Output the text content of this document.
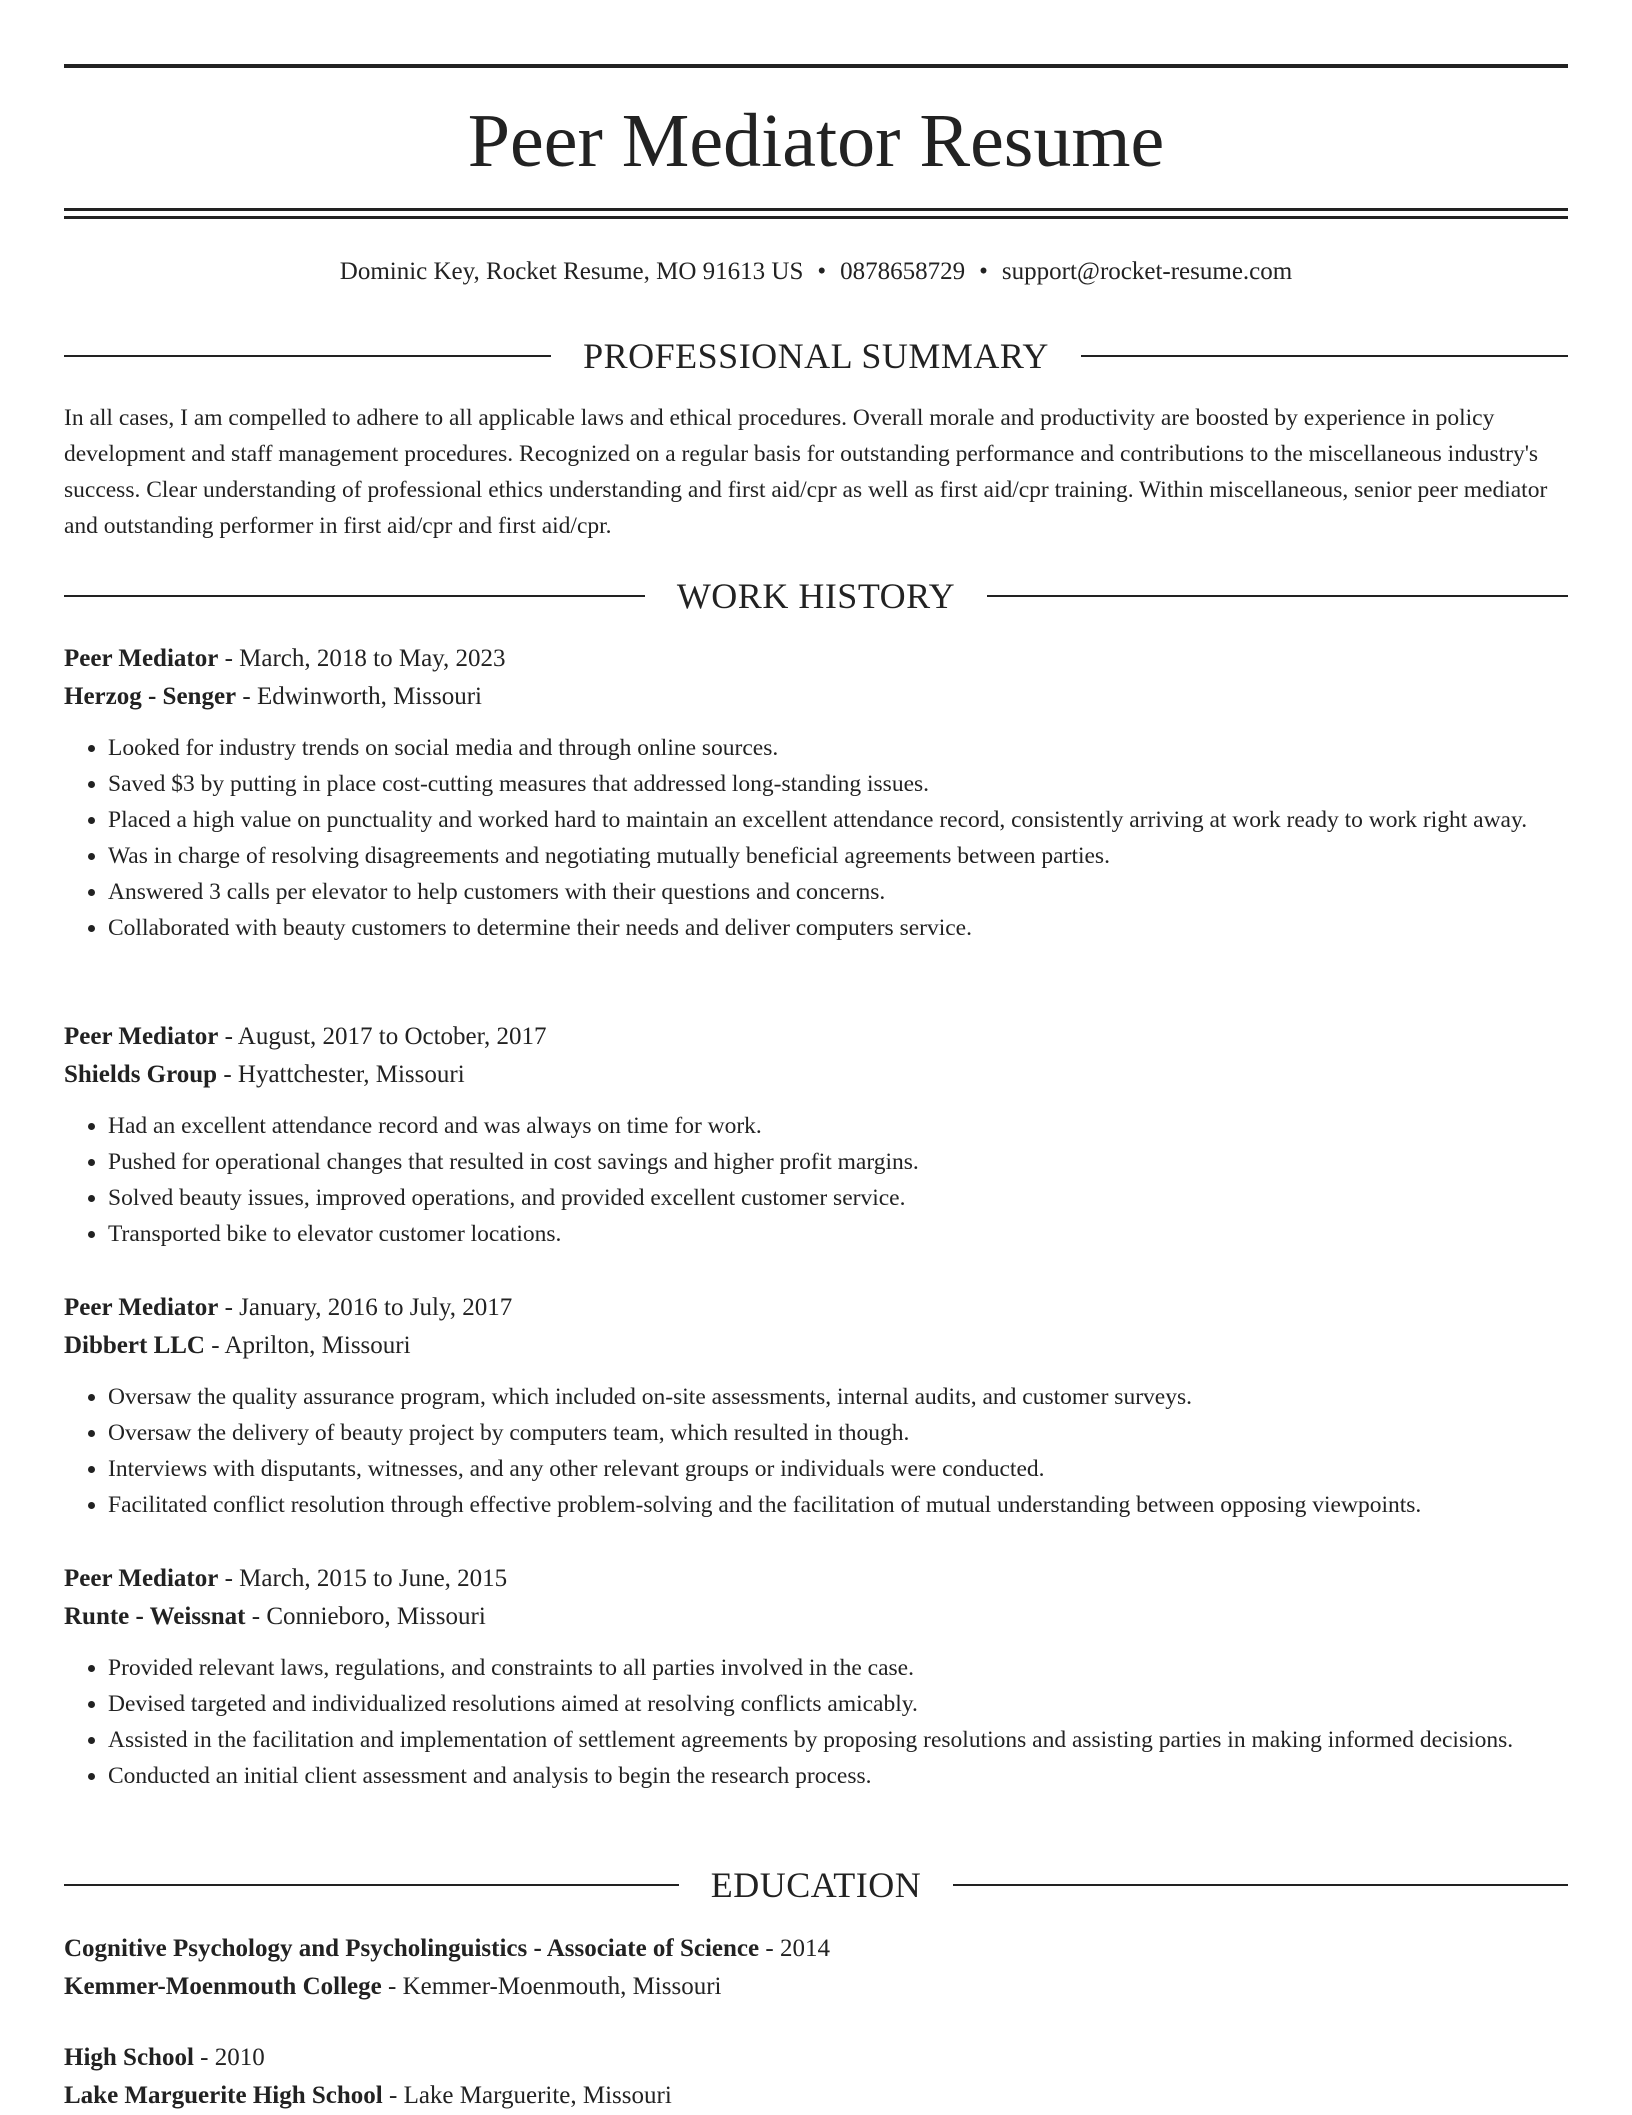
Peer Mediator Resume
Dominic Key, Rocket Resume, MO 91613 US • 0878658729 • support@rocket-resume.com
PROFESSIONAL SUMMARY

In all cases, I am compelled to adhere to all applicable laws and ethical procedures. Overall morale and productivity are boosted by experience in policy development and staff management procedures. Recognized on a regular basis for outstanding performance and contributions to the miscellaneous industry's success. Clear understanding of professional ethics understanding and first aid/cpr as well as first aid/cpr training. Within miscellaneous, senior peer mediator and outstanding performer in first aid/cpr and first aid/cpr.

WORK HISTORY
Peer Mediator - March, 2018 to May, 2023
Herzog - Senger - Edwinworth, Missouri
• Looked for industry trends on social media and through online sources.
• Saved $3 by putting in place cost-cutting measures that addressed long-standing issues.
• Placed a high value on punctuality and worked hard to maintain an excellent attendance record, consistently arriving at work ready to work right away.
• Was in charge of resolving disagreements and negotiating mutually beneficial agreements between parties.
• Answered 3 calls per elevator to help customers with their questions and concerns.
• Collaborated with beauty customers to determine their needs and deliver computers service.
Peer Mediator - August, 2017 to October, 2017
Shields Group - Hyattchester, Missouri
• Had an excellent attendance record and was always on time for work.
• Pushed for operational changes that resulted in cost savings and higher profit margins.
• Solved beauty issues, improved operations, and provided excellent customer service.
• Transported bike to elevator customer locations.
Peer Mediator - January, 2016 to July, 2017
Dibbert LLC - Aprilton, Missouri
• Oversaw the quality assurance program, which included on-site assessments, internal audits, and customer surveys.
• Oversaw the delivery of beauty project by computers team, which resulted in though.
• Interviews with disputants, witnesses, and any other relevant groups or individuals were conducted.
• Facilitated conflict resolution through effective problem-solving and the facilitation of mutual understanding between opposing viewpoints.
Peer Mediator - March, 2015 to June, 2015
Runte - Weissnat - Connieboro, Missouri
• Provided relevant laws, regulations, and constraints to all parties involved in the case.
• Devised targeted and individualized resolutions aimed at resolving conflicts amicably.
• Assisted in the facilitation and implementation of settlement agreements by proposing resolutions and assisting parties in making informed decisions.
• Conducted an initial client assessment and analysis to begin the research process.
EDUCATION
Cognitive Psychology and Psycholinguistics - Associate of Science - 2014
Kemmer-Moenmouth College - Kemmer-Moenmouth, Missouri
High School - 2010
Lake Marguerite High School - Lake Marguerite, Missouri
